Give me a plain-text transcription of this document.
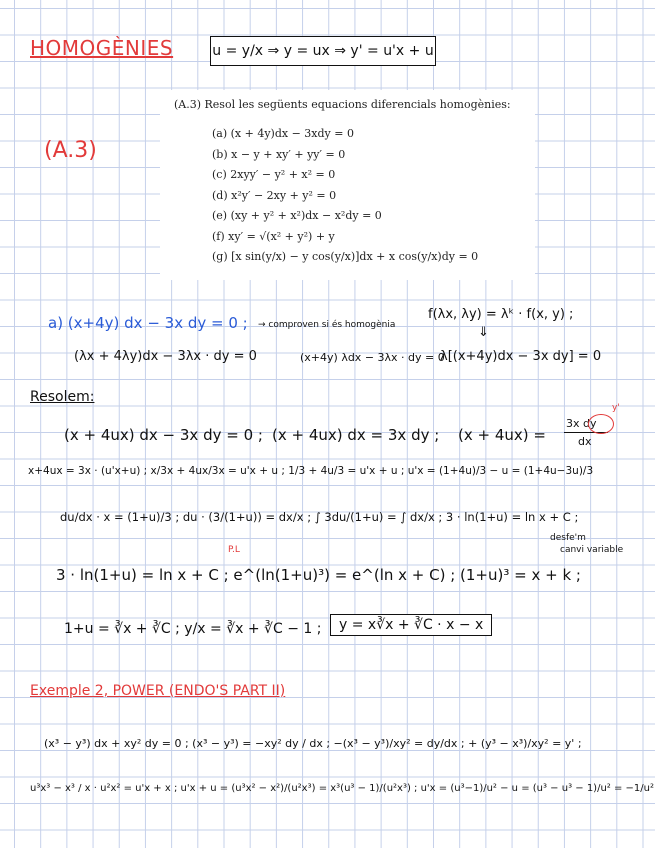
HOMOGÈNIES	u = y/x ⇒ y = ux ⇒ y' = u'x + u
(A.3)
(A.3) Resol les següents equacions diferencials homogènies:
(a) (x + 4y)dx − 3xdy = 0
(b) x − y + xy′ + yy′ = 0
(c) 2xyy′ − y² + x² = 0
(d) x²y′ − 2xy + y² = 0
(e) (xy + y² + x²)dx − x²dy = 0
(f) xy′ = √(x² + y²) + y
(g) [x sin(y/x) − y cos(y/x)]dx + x cos(y/x)dy = 0
a) (x+4y) dx − 3x dy = 0 ; → comproven si és homogènia
f(λx, λy) = λᵏ · f(x, y) ;
⇓
(λx + 4λy)dx − 3λx · dy = 0	(x+4y) λdx − 3λx · dy = 0
λ[(x+4y)dx − 3x dy] = 0
Resolem:
(x + 4ux) dx − 3x dy = 0 ; (x + 4ux) dx = 3x dy ; (x + 4ux) =
3x dy
dx
y'
x+4ux = 3x · (u'x+u) ; x/3x + 4ux/3x = u'x + u ; 1/3 + 4u/3 = u'x + u ; u'x = (1+4u)/3 − u = (1+4u−3u)/3
du/dx · x = (1+u)/3 ; du · (3/(1+u)) = dx/x ; ∫ 3du/(1+u) = ∫ dx/x ; 3 · ln(1+u) = ln x + C ;
desfe'm
canvi variable
P.L
3 · ln(1+u) = ln x + C ; e^(ln(1+u)³) = e^(ln x + C) ; (1+u)³ = x + k ;
1+u = ∛x + ∛C ; y/x = ∛x + ∛C − 1 ;	y = x∛x + ∛C · x − x
Exemple 2, POWER (ENDO'S PART II)
(x³ − y³) dx + xy² dy = 0 ; (x³ − y³) = −xy² dy / dx ; −(x³ − y³)/xy² = dy/dx ; + (y³ − x³)/xy² = y' ;
u³x³ − x³ / x · u²x² = u'x + x ; u'x + u = (u³x² − x²)/(u²x³) = x³(u³ − 1)/(u²x³) ; u'x = (u³−1)/u² − u = (u³ − u³ − 1)/u² = −1/u²
